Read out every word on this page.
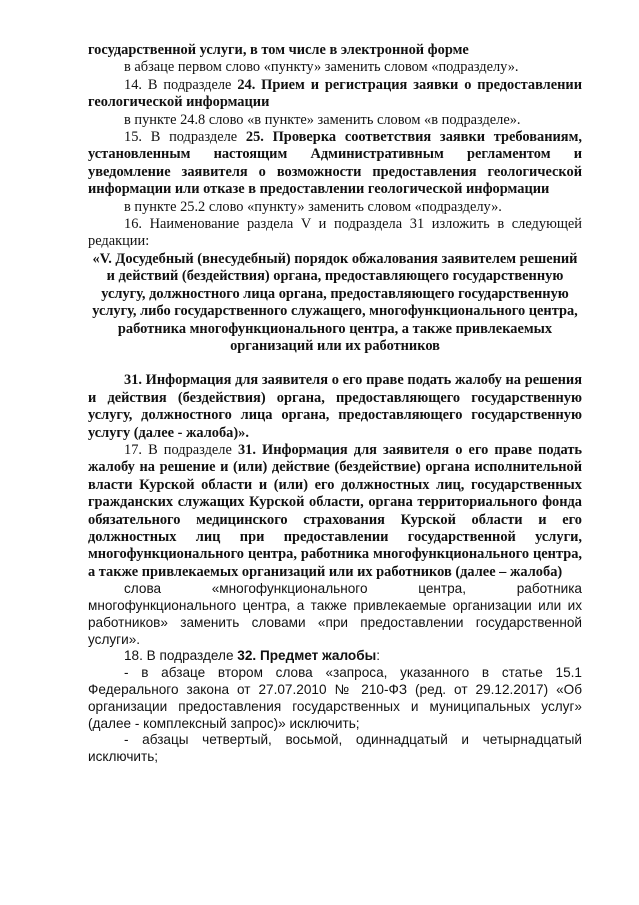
государственной услуги, в том числе в электронной форме

в абзаце первом слово «пункту» заменить словом «подразделу».

14. В подразделе 24. Прием и регистрация заявки о предоставлении геологической информации

в пункте 24.8 слово «в пункте» заменить словом «в подразделе».

15. В подразделе 25. Проверка соответствия заявки требованиям, установленным настоящим Административным регламентом и уведомление заявителя о возможности предоставления геологической информации или отказе в предоставлении геологической информации

в пункте 25.2 слово «пункту» заменить словом «подразделу».

16. Наименование раздела V и подраздела 31 изложить в следующей редакции:

«V. Досудебный (внесудебный) порядок обжалования заявителем решений и действий (бездействия) органа, предоставляющего государственную услугу, должностного лица органа, предоставляющего государственную услугу, либо государственного служащего, многофункционального центра, работника многофункционального центра, а также привлекаемых организаций или их работников

31. Информация для заявителя о его праве подать жалобу на решения и действия (бездействия) органа, предоставляющего государственную услугу, должностного лица органа, предоставляющего государственную услугу (далее - жалоба)».

17. В подразделе 31. Информация для заявителя о его праве подать жалобу на решение и (или) действие (бездействие) органа исполнительной власти Курской области и (или) его должностных лиц, государственных гражданских служащих Курской области, органа территориального фонда обязательного медицинского страхования Курской области и его должностных лиц при предоставлении государственной услуги, многофункционального центра, работника многофункционального центра, а также привлекаемых организаций или их работников (далее – жалоба)

слова «многофункционального центра, работника многофункционального центра, а также привлекаемые организации или их работников» заменить словами «при предоставлении государственной услуги».

18. В подразделе 32. Предмет жалобы:

- в абзаце втором слова «запроса, указанного в статье 15.1 Федерального закона от 27.07.2010 № 210-ФЗ (ред. от 29.12.2017) «Об организации предоставления государственных и муниципальных услуг» (далее - комплексный запрос)» исключить;

- абзацы четвертый, восьмой, одиннадцатый и четырнадцатый исключить;
